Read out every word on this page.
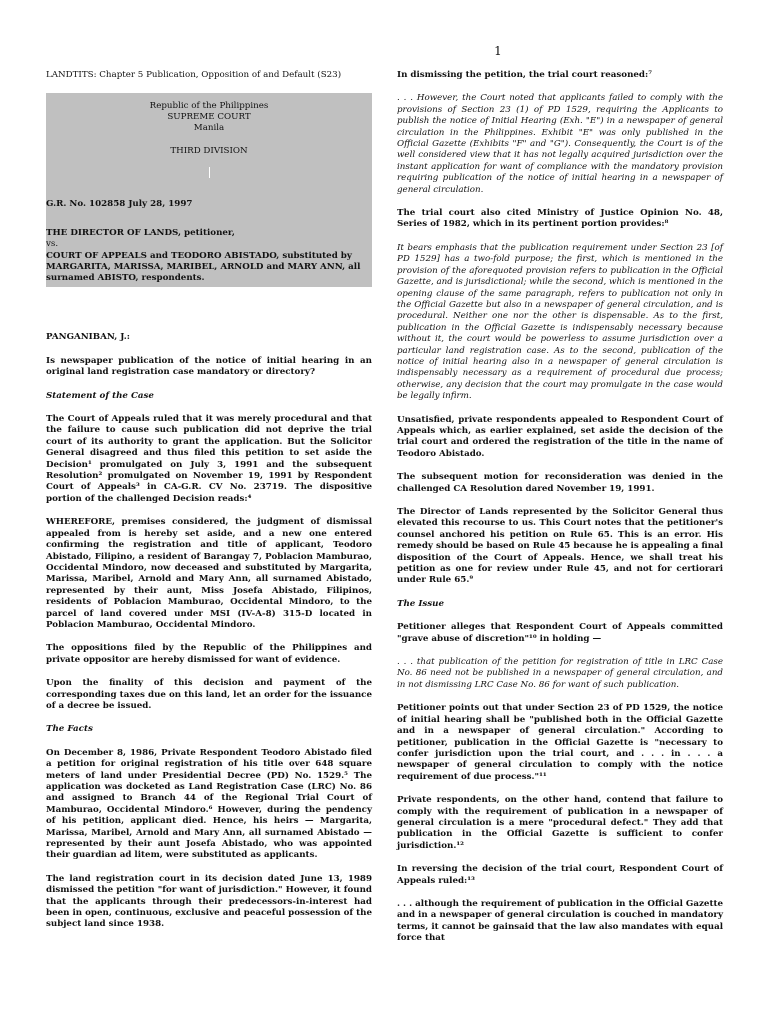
1

LANDTITS: Chapter 5 Publication, Opposition of and Default (S23)

Republic of the Philippines

SUPREME COURT

Manila

THIRD DIVISION

G.R. No. 102858 July 28, 1997

THE DIRECTOR OF LANDS, petitioner,
vs.
COURT OF APPEALS and TEODORO ABISTADO, substituted by MARGARITA, MARISSA, MARIBEL, ARNOLD and MARY ANN, all surnamed ABISTO, respondents.

PANGANIBAN, J.:

Is newspaper publication of the notice of initial hearing in an original land registration case mandatory or directory?

Statement of the Case

The Court of Appeals ruled that it was merely procedural and that the failure to cause such publication did not deprive the trial court of its authority to grant the application. But the Solicitor General disagreed and thus filed this petition to set aside the Decision¹ promulgated on July 3, 1991 and the subsequent Resolution² promulgated on November 19, 1991 by Respondent Court of Appeals³ in CA-G.R. CV No. 23719. The dispositive portion of the challenged Decision reads:⁴

WHEREFORE, premises considered, the judgment of dismissal appealed from is hereby set aside, and a new one entered confirming the registration and title of applicant, Teodoro Abistado, Filipino, a resident of Barangay 7, Poblacion Mamburao, Occidental Mindoro, now deceased and substituted by Margarita, Marissa, Maribel, Arnold and Mary Ann, all surnamed Abistado, represented by their aunt, Miss Josefa Abistado, Filipinos, residents of Poblacion Mamburao, Occidental Mindoro, to the parcel of land covered under MSI (IV-A-8) 315-D located in Poblacion Mamburao, Occidental Mindoro.

The oppositions filed by the Republic of the Philippines and private oppositor are hereby dismissed for want of evidence.

Upon the finality of this decision and payment of the corresponding taxes due on this land, let an order for the issuance of a decree be issued.

The Facts

On December 8, 1986, Private Respondent Teodoro Abistado filed a petition for original registration of his title over 648 square meters of land under Presidential Decree (PD) No. 1529.⁵ The application was docketed as Land Registration Case (LRC) No. 86 and assigned to Branch 44 of the Regional Trial Court of Mamburao, Occidental Mindoro.⁶ However, during the pendency of his petition, applicant died. Hence, his heirs — Margarita, Marissa, Maribel, Arnold and Mary Ann, all surnamed Abistado — represented by their aunt Josefa Abistado, who was appointed their guardian ad litem, were substituted as applicants.

The land registration court in its decision dated June 13, 1989 dismissed the petition "for want of jurisdiction." However, it found that the applicants through their predecessors-in-interest had been in open, continuous, exclusive and peaceful possession of the subject land since 1938.

In dismissing the petition, the trial court reasoned:⁷

. . . However, the Court noted that applicants failed to comply with the provisions of Section 23 (1) of PD 1529, requiring the Applicants to publish the notice of Initial Hearing (Exh. "E") in a newspaper of general circulation in the Philippines. Exhibit "E" was only published in the Official Gazette (Exhibits "F" and "G"). Consequently, the Court is of the well considered view that it has not legally acquired jurisdiction over the instant application for want of compliance with the mandatory provision requiring publication of the notice of initial hearing in a newspaper of general circulation.

The trial court also cited Ministry of Justice Opinion No. 48, Series of 1982, which in its pertinent portion provides:⁸

It bears emphasis that the publication requirement under Section 23 [of PD 1529] has a two-fold purpose; the first, which is mentioned in the provision of the aforequoted provision refers to publication in the Official Gazette, and is jurisdictional; while the second, which is mentioned in the opening clause of the same paragraph, refers to publication not only in the Official Gazette but also in a newspaper of general circulation, and is procedural. Neither one nor the other is dispensable. As to the first, publication in the Official Gazette is indispensably necessary because without it, the court would be powerless to assume jurisdiction over a particular land registration case. As to the second, publication of the notice of initial hearing also in a newspaper of general circulation is indispensably necessary as a requirement of procedural due process; otherwise, any decision that the court may promulgate in the case would be legally infirm.

Unsatisfied, private respondents appealed to Respondent Court of Appeals which, as earlier explained, set aside the decision of the trial court and ordered the registration of the title in the name of Teodoro Abistado.

The subsequent motion for reconsideration was denied in the challenged CA Resolution dared November 19, 1991.

The Director of Lands represented by the Solicitor General thus elevated this recourse to us. This Court notes that the petitioner's counsel anchored his petition on Rule 65. This is an error. His remedy should be based on Rule 45 because he is appealing a final disposition of the Court of Appeals. Hence, we shall treat his petition as one for review under Rule 45, and not for certiorari under Rule 65.⁹

The Issue

Petitioner alleges that Respondent Court of Appeals committed "grave abuse of discretion"¹⁰ in holding —

. . . that publication of the petition for registration of title in LRC Case No. 86 need not be published in a newspaper of general circulation, and in not dismissing LRC Case No. 86 for want of such publication.

Petitioner points out that under Section 23 of PD 1529, the notice of initial hearing shall be "published both in the Official Gazette and in a newspaper of general circulation." According to petitioner, publication in the Official Gazette is "necessary to confer jurisdiction upon the trial court, and . . . in . . . a newspaper of general circulation to comply with the notice requirement of due process."¹¹

Private respondents, on the other hand, contend that failure to comply with the requirement of publication in a newspaper of general circulation is a mere "procedural defect." They add that publication in the Official Gazette is sufficient to confer jurisdiction.¹²

In reversing the decision of the trial court, Respondent Court of Appeals ruled:¹³

. . . although the requirement of publication in the Official Gazette and in a newspaper of general circulation is couched in mandatory terms, it cannot be gainsaid that the law also mandates with equal force that
